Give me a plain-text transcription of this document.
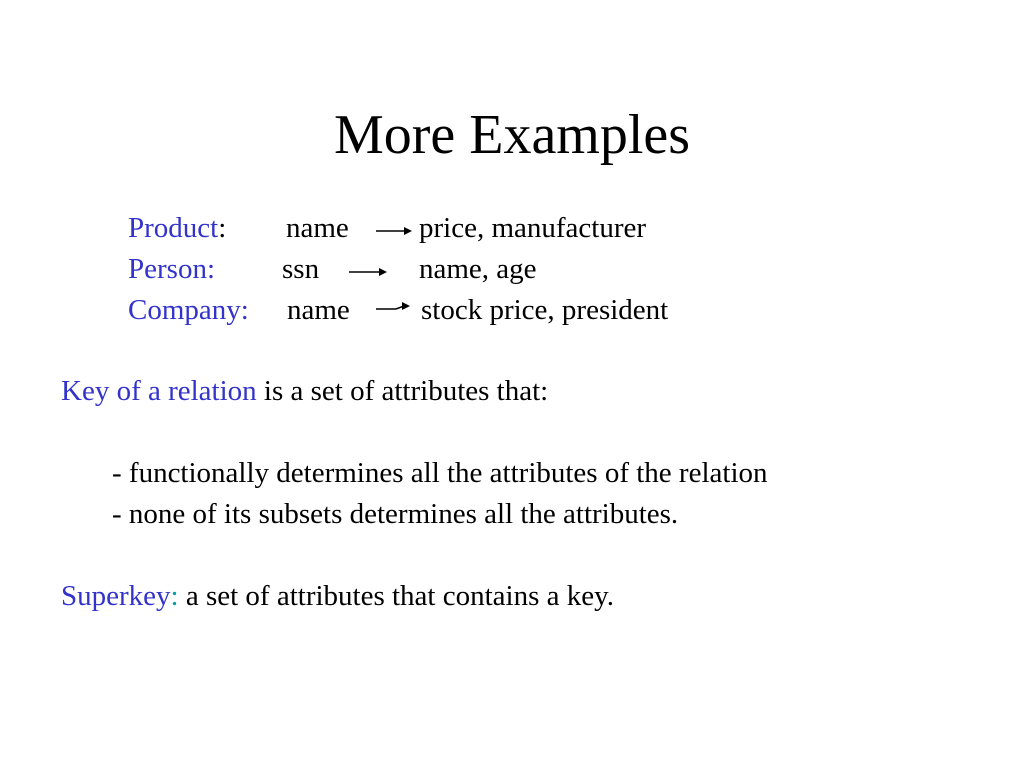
More Examples
Product: name price, manufacturer
Person: ssn	name, age
Company: name stock price, president
Key of a relation is a set of attributes that:
- functionally determines all the attributes of the relation
- none of its subsets determines all the attributes.
Superkey: a set of attributes that contains a key.
